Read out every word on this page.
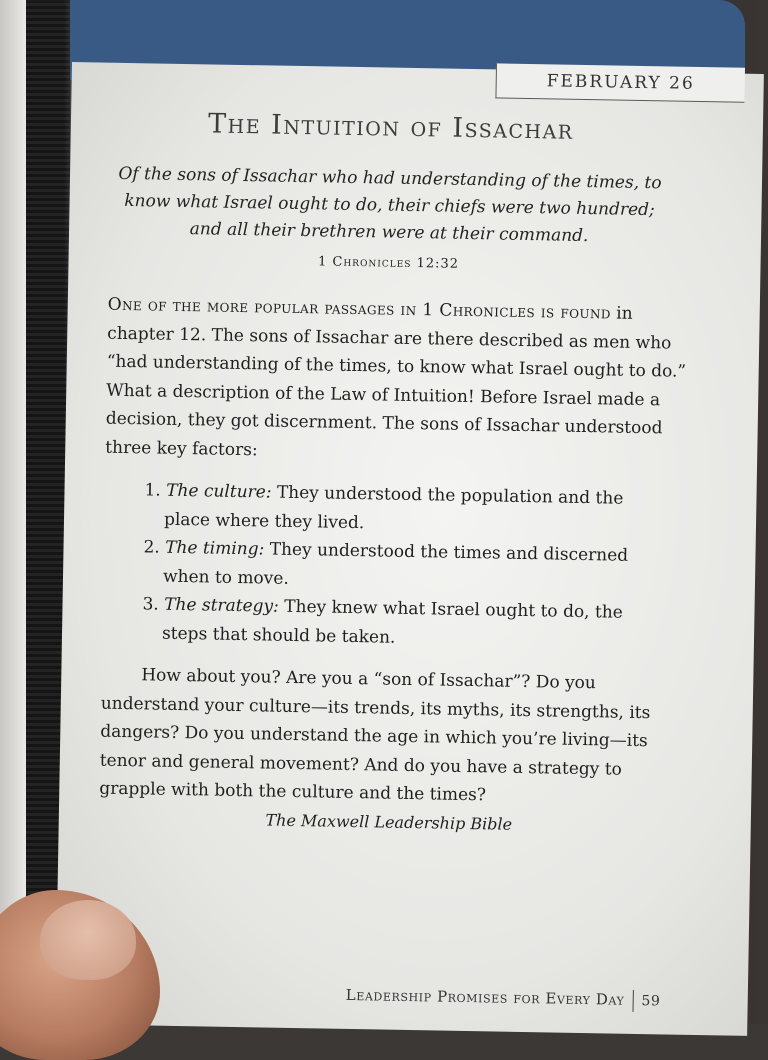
FEBRUARY 26
The Intuition of Issachar
Of the sons of Issachar who had understanding of the times, to know what Israel ought to do, their chiefs were two hundred; and all their brethren were at their command.
1 Chronicles 12:32

One of the more popular passages in 1 Chronicles is found in chapter 12. The sons of Issachar are there described as men who “had understanding of the times, to know what Israel ought to do.” What a description of the Law of Intuition! Before Israel made a decision, they got discernment. The sons of Issachar understood three key factors:

1. The culture: They understood the population and the place where they lived.
2. The timing: They understood the times and discerned when to move.
3. The strategy: They knew what Israel ought to do, the steps that should be taken.

How about you? Are you a “son of Issachar”? Do you understand your culture—its trends, its myths, its strengths, its dangers? Do you understand the age in which you’re living—its tenor and general movement? And do you have a strategy to grapple with both the culture and the times?

The Maxwell Leadership Bible

Leadership Promises for Every Day 59
